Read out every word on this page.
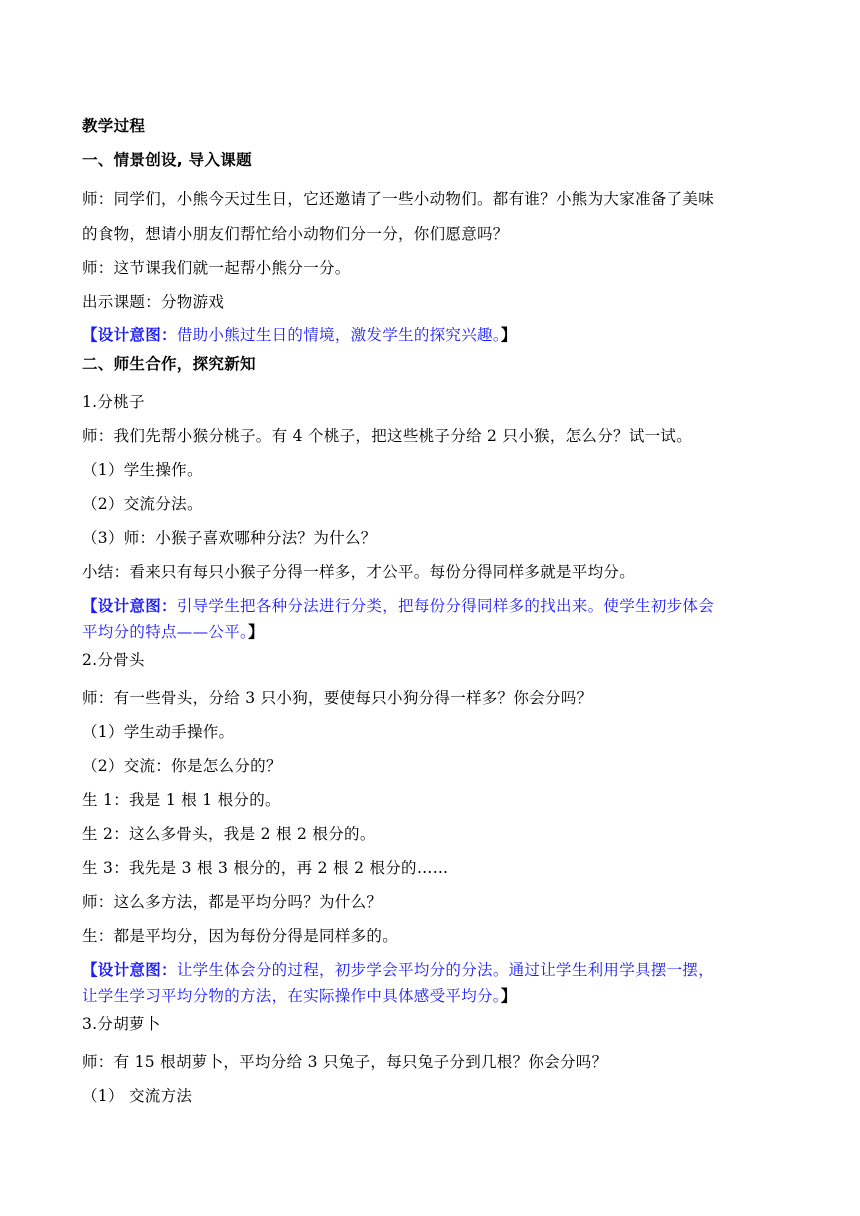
教学过程
一、情景创设, 导入课题
师：同学们，小熊今天过生日，它还邀请了一些小动物们。都有谁？小熊为大家准备了美味
的食物，想请小朋友们帮忙给小动物们分一分，你们愿意吗？
师：这节课我们就一起帮小熊分一分。
出示课题：分物游戏
【设计意图：借助小熊过生日的情境，激发学生的探究兴趣。】
二、师生合作，探究新知
1.分桃子
师：我们先帮小猴分桃子。有 4 个桃子，把这些桃子分给 2 只小猴，怎么分？试一试。
（1）学生操作。
（2）交流分法。
（3）师：小猴子喜欢哪种分法？为什么？
小结：看来只有每只小猴子分得一样多，才公平。每份分得同样多就是平均分。
【设计意图：引导学生把各种分法进行分类，把每份分得同样多的找出来。使学生初步体会
平均分的特点——公平。】
2.分骨头
师：有一些骨头，分给 3 只小狗，要使每只小狗分得一样多？你会分吗？
（1）学生动手操作。
（2）交流：你是怎么分的？
生 1：我是 1 根 1 根分的。
生 2：这么多骨头，我是 2 根 2 根分的。
生 3：我先是 3 根 3 根分的，再 2 根 2 根分的……
师：这么多方法，都是平均分吗？为什么？
生：都是平均分，因为每份分得是同样多的。
【设计意图：让学生体会分的过程，初步学会平均分的分法。通过让学生利用学具摆一摆，
让学生学习平均分物的方法，在实际操作中具体感受平均分。】
3.分胡萝卜
师：有 15 根胡萝卜，平均分给 3 只兔子，每只兔子分到几根？你会分吗？
（1） 交流方法
